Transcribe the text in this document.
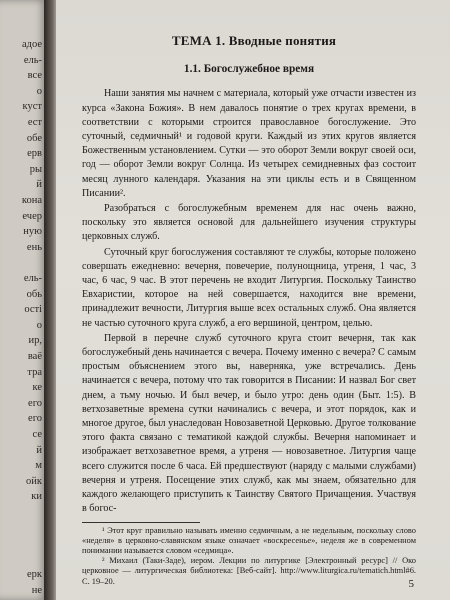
адое
ель-
все
о
куст
ест
обе
ерв
ры
й
кона
ечер
ную
ень
ель-
обь
ості
о
ир,
ваё
тра
ке
его
его
се
й
м
ойк
ки
ерк
не
ТЕМА 1. Вводные понятия
1.1. Богослужебное время

Наши занятия мы начнем с материала, который уже отчасти известен из курса «Закона Божия». В нем давалось понятие о трех кругах времени, в соответствии с которыми строится православное богослужение. Это суточный, седмичный¹ и годовой круги. Каждый из этих кругов является Божественным установлением. Сутки — это оборот Земли вокруг своей оси, год — оборот Земли вокруг Солнца. Из четырех семидневных фаз состоит месяц лунного календаря. Указания на эти циклы есть и в Священном Писании².

Разобраться с богослужебным временем для нас очень важно, поскольку это является основой для дальнейшего изучения структуры церковных служб.

Суточный круг богослужения составляют те службы, которые положено совершать ежедневно: вечерня, повечерие, полунощница, утреня, 1 час, 3 час, 6 час, 9 час. В этот перечень не входит Литургия. Поскольку Таинство Евхаристии, которое на ней совершается, находится вне времени, принадлежит вечности, Литургия выше всех остальных служб. Она является не частью суточного круга служб, а его вершиной, центром, целью.

Первой в перечне служб суточного круга стоит вечерня, так как богослужебный день начинается с вечера. Почему именно с вечера? С самым простым объяснением этого вы, наверняка, уже встречались. День начинается с вечера, потому что так говорится в Писании: И назвал Бог свет днем, а тьму ночью. И был вечер, и было утро: день один (Быт. 1:5). В ветхозаветные времена сутки начинались с вечера, и этот порядок, как и многое другое, был унаследован Новозаветной Церковью. Другое толкование этого факта связано с тематикой каждой службы. Вечерня напоминает и изображает ветхозаветное время, а утреня — новозаветное. Литургия чаще всего служится после 6 часа. Ей предшествуют (наряду с малыми службами) вечерня и утреня. Посещение этих служб, как мы знаем, обязательно для каждого желающего приступить к Таинству Святого Причащения. Участвуя в богос-

¹ Этот круг правильно называть именно седмичным, а не недельным, поскольку слово «неделя» в церковно-славянском языке означает «воскресенье», неделя же в современном понимании называется словом «седмица».

² Михаил (Таки-Заде), иером. Лекции по литургике [Электронный ресурс] // Око церковное — литургическая библиотека: [Веб-сайт]. http://www.liturgica.ru/tematich.html#6. С. 19–20.	5
